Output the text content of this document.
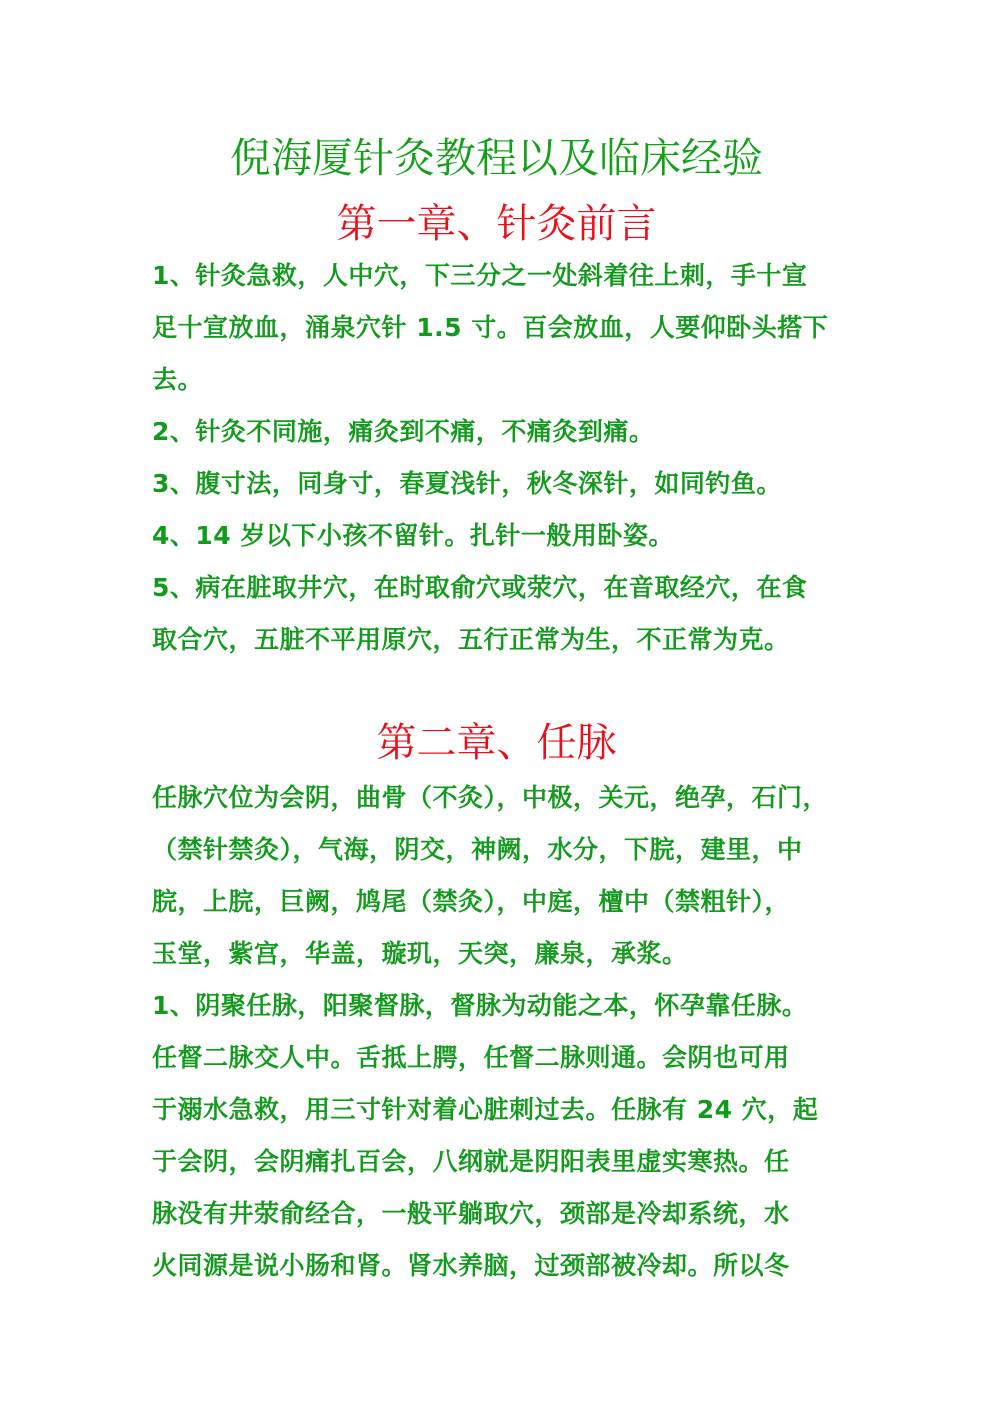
倪海厦针灸教程以及临床经验
第一章、针灸前言
1、针灸急救，人中穴，下三分之一处斜着往上刺，手十宣
足十宣放血，涌泉穴针 1.5 寸。百会放血，人要仰卧头搭下
去。
2、针灸不同施，痛灸到不痛，不痛灸到痛。
3、腹寸法，同身寸，春夏浅针，秋冬深针，如同钓鱼。
4、14 岁以下小孩不留针。扎针一般用卧姿。
5、病在脏取井穴，在时取俞穴或荥穴，在音取经穴，在食
取合穴，五脏不平用原穴，五行正常为生，不正常为克。
第二章、任脉
任脉穴位为会阴，曲骨（不灸），中极，关元，绝孕，石门，
（禁针禁灸），气海，阴交，神阙，水分，下脘，建里，中
脘，上脘，巨阙，鸠尾（禁灸），中庭，檀中（禁粗针），
玉堂，紫宫，华盖，璇玑，天突，廉泉，承浆。
1、阴聚任脉，阳聚督脉，督脉为动能之本，怀孕靠任脉。
任督二脉交人中。舌抵上腭，任督二脉则通。会阴也可用
于溺水急救，用三寸针对着心脏刺过去。任脉有 24 穴，起
于会阴，会阴痛扎百会，八纲就是阴阳表里虚实寒热。任
脉没有井荥俞经合，一般平躺取穴，颈部是冷却系统，水
火同源是说小肠和肾。肾水养脑，过颈部被冷却。所以冬
